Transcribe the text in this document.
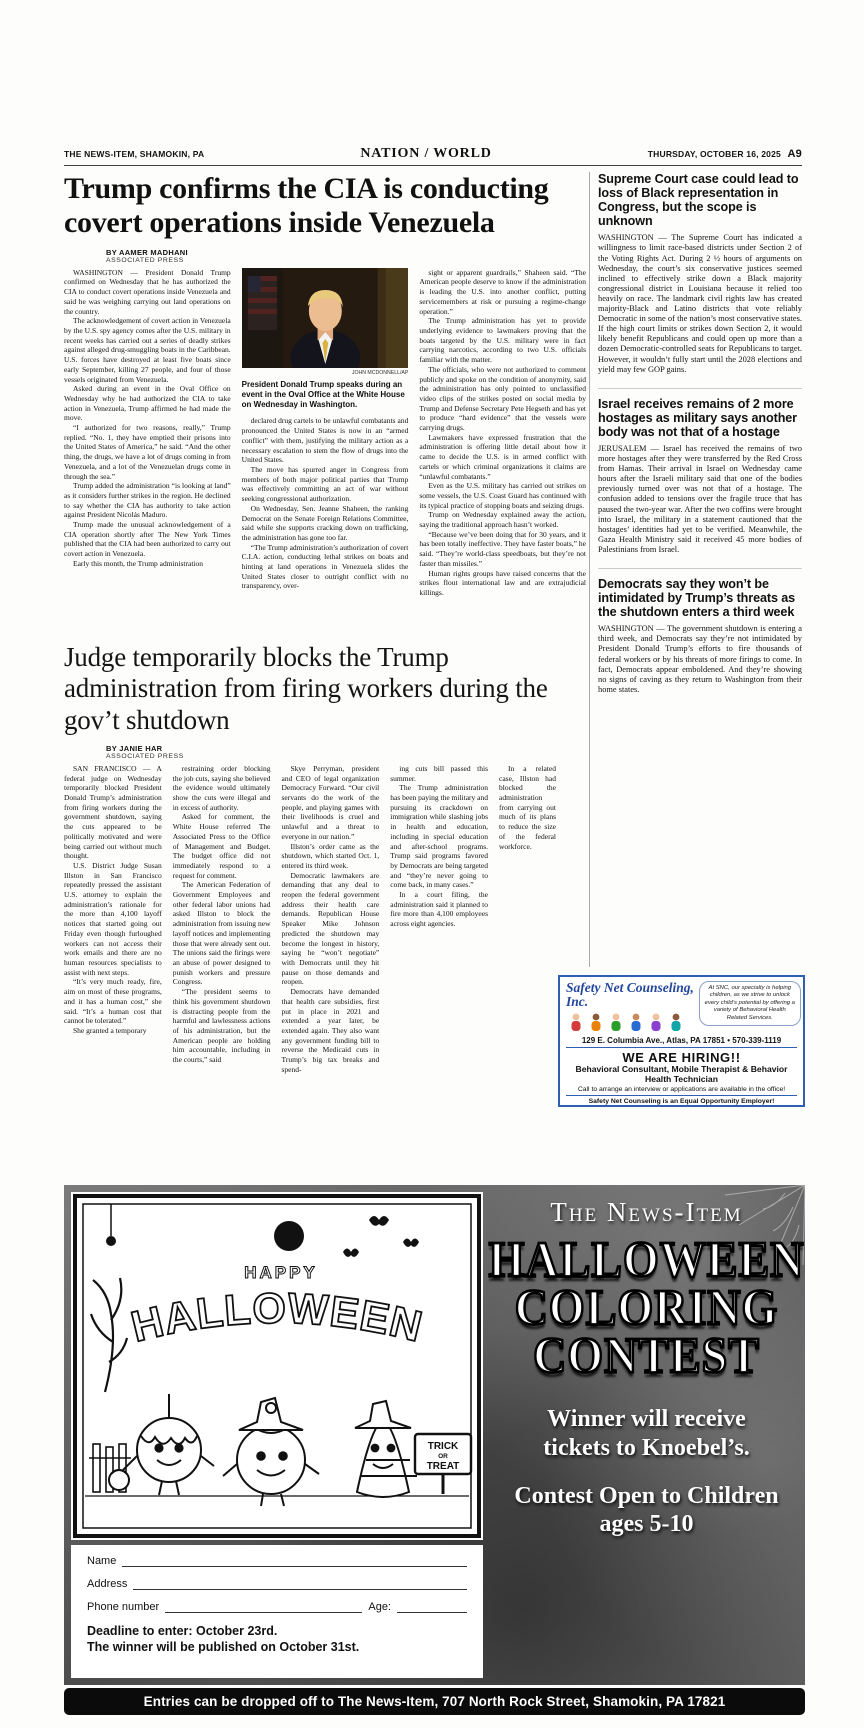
THE NEWS-ITEM, SHAMOKIN, PA	NATION / WORLD	THURSDAY, OCTOBER 16, 2025 A9
Trump confirms the CIA is conducting covert operations inside Venezuela
BY AAMER MADHANI
ASSOCIATED PRESS

WASHINGTON — President Donald Trump confirmed on Wednesday that he has authorized the CIA to conduct covert operations inside Venezuela and said he was weighing carrying out land operations on the country.

The acknowledgement of covert action in Venezuela by the U.S. spy agency comes after the U.S. military in recent weeks has carried out a series of deadly strikes against alleged drug-smuggling boats in the Caribbean. U.S. forces have destroyed at least five boats since early September, killing 27 people, and four of those vessels originated from Venezuela.

Asked during an event in the Oval Office on Wednesday why he had authorized the CIA to take action in Venezuela, Trump affirmed he had made the move.

“I authorized for two reasons, really,” Trump replied. “No. 1, they have emptied their prisons into the United States of America,” he said. “And the other thing, the drugs, we have a lot of drugs coming in from Venezuela, and a lot of the Venezuelan drugs come in through the sea.”

Trump added the administration “is looking at land” as it considers further strikes in the region. He declined to say whether the CIA has authority to take action against President Nicolás Maduro.

Trump made the unusual acknowledgement of a CIA operation shortly after The New York Times published that the CIA had been authorized to carry out covert action in Venezuela.

Early this month, the Trump administration

JOHN MCDONNELL/AP
President Donald Trump speaks during an event in the Oval Office at the White House on Wednesday in Washington.

declared drug cartels to be unlawful combatants and pronounced the United States is now in an “armed conflict” with them, justifying the military action as a necessary escalation to stem the flow of drugs into the United States.

The move has spurred anger in Congress from members of both major political parties that Trump was effectively committing an act of war without seeking congressional authorization.

On Wednesday, Sen. Jeanne Shaheen, the ranking Democrat on the Senate Foreign Relations Committee, said while she supports cracking down on trafficking, the administration has gone too far.

“The Trump administration’s authorization of covert C.I.A. action, conducting lethal strikes on boats and hinting at land operations in Venezuela slides the United States closer to outright conflict with no transparency, over-

sight or apparent guardrails,” Shaheen said. “The American people deserve to know if the administration is leading the U.S. into another conflict, putting servicemembers at risk or pursuing a regime-change operation.”

The Trump administration has yet to provide underlying evidence to lawmakers proving that the boats targeted by the U.S. military were in fact carrying narcotics, according to two U.S. officials familiar with the matter.

The officials, who were not authorized to comment publicly and spoke on the condition of anonymity, said the administration has only pointed to unclassified video clips of the strikes posted on social media by Trump and Defense Secretary Pete Hegseth and has yet to produce “hard evidence” that the vessels were carrying drugs.

Lawmakers have expressed frustration that the administration is offering little detail about how it came to decide the U.S. is in armed conflict with cartels or which criminal organizations it claims are “unlawful combatants.”

Even as the U.S. military has carried out strikes on some vessels, the U.S. Coast Guard has continued with its typical practice of stopping boats and seizing drugs.

Trump on Wednesday explained away the action, saying the traditional approach hasn’t worked.

“Because we’ve been doing that for 30 years, and it has been totally ineffective. They have faster boats,” he said. “They’re world-class speedboats, but they’re not faster than missiles.”

Human rights groups have raised concerns that the strikes flout international law and are extrajudicial killings.

Judge temporarily blocks the Trump administration from firing workers during the gov’t shutdown
BY JANIE HAR
ASSOCIATED PRESS

SAN FRANCISCO — A federal judge on Wednesday temporarily blocked President Donald Trump’s administration from firing workers during the government shutdown, saying the cuts appeared to be politically motivated and were being carried out without much thought.

U.S. District Judge Susan Illston in San Francisco repeatedly pressed the assistant U.S. attorney to explain the administration’s rationale for the more than 4,100 layoff notices that started going out Friday even though furloughed workers can not access their work emails and there are no human resources specialists to assist with next steps.

“It’s very much ready, fire, aim on most of these programs, and it has a human cost,” she said. “It’s a human cost that cannot be tolerated.”

She granted a temporary

restraining order blocking the job cuts, saying she believed the evidence would ultimately show the cuts were illegal and in excess of authority.

Asked for comment, the White House referred The Associated Press to the Office of Management and Budget. The budget office did not immediately respond to a request for comment.

The American Federation of Government Employees and other federal labor unions had asked Illston to block the administration from issuing new layoff notices and implementing those that were already sent out. The unions said the firings were an abuse of power designed to punish workers and pressure Congress.

“The president seems to think his government shutdown is distracting people from the harmful and lawlessness actions of his administration, but the American people are holding him accountable, including in the courts,” said

Skye Perryman, president and CEO of legal organization Democracy Forward. “Our civil servants do the work of the people, and playing games with their livelihoods is cruel and unlawful and a threat to everyone in our nation.”

Illston’s order came as the shutdown, which started Oct. 1, entered its third week.

Democratic lawmakers are demanding that any deal to reopen the federal government address their health care demands. Republican House Speaker Mike Johnson predicted the shutdown may become the longest in history, saying he “won’t negotiate” with Democrats until they hit pause on those demands and reopen.

Democrats have demanded that health care subsidies, first put in place in 2021 and extended a year later, be extended again. They also want any government funding bill to reverse the Medicaid cuts in Trump’s big tax breaks and spend-

ing cuts bill passed this summer.

The Trump administration has been paying the military and pursuing its crackdown on immigration while slashing jobs in health and education, including in special education and after-school programs. Trump said programs favored by Democrats are being targeted and “they’re never going to come back, in many cases.”

In a court filing, the administration said it planned to fire more than 4,100 employees across eight agencies.

In a related case, Illston had blocked the administration from carrying out much of its plans to reduce the size of the federal workforce.

Supreme Court case could lead to loss of Black representation in Congress, but the scope is unknown

WASHINGTON — The Supreme Court has indicated a willingness to limit race-based districts under Section 2 of the Voting Rights Act. During 2 ½ hours of arguments on Wednesday, the court’s six conservative justices seemed inclined to effectively strike down a Black majority congressional district in Louisiana because it relied too heavily on race. The landmark civil rights law has created majority-Black and Latino districts that vote reliably Democratic in some of the nation’s most conservative states. If the high court limits or strikes down Section 2, it would likely benefit Republicans and could open up more than a dozen Democratic-controlled seats for Republicans to target. However, it wouldn’t fully start until the 2028 elections and yield may few GOP gains.

Israel receives remains of 2 more hostages as military says another body was not that of a hostage

JERUSALEM — Israel has received the remains of two more hostages after they were transferred by the Red Cross from Hamas. Their arrival in Israel on Wednesday came hours after the Israeli military said that one of the bodies previously turned over was not that of a hostage. The confusion added to tensions over the fragile truce that has paused the two-year war. After the two coffins were brought into Israel, the military in a statement cautioned that the hostages’ identities had yet to be verified. Meanwhile, the Gaza Health Ministry said it received 45 more bodies of Palestinians from Israel.

Democrats say they won’t be intimidated by Trump’s threats as the shutdown enters a third week

WASHINGTON — The government shutdown is entering a third week, and Democrats say they’re not intimidated by President Donald Trump’s efforts to fire thousands of federal workers or by his threats of more firings to come. In fact, Democrats appear emboldened. And they’re showing no signs of caving as they return to Washington from their home states.

Safety Net Counseling, Inc.
At SNC, our specialty is helping children, as we strive to unlock every child’s potential by offering a variety of Behavioral Health Related Services.
129 E. Columbia Ave., Atlas, PA 17851 • 570-339-1119
WE ARE HIRING!!
Behavioral Consultant, Mobile Therapist & Behavior Health Technician
Call to arrange an interview or applications are available in the office!
Safety Net Counseling is an Equal Opportunity Employer!
HAPPY
HALLOWEEN
TRICK
OR
TREAT
Name
Address
Phone number	Age:
Deadline to enter: October 23rd.
The winner will be published on October 31st.
The News-Item
HALLOWEEN
COLORING
CONTEST
Winner will receive tickets to Knoebel’s.
Contest Open to Children ages 5-10
Entries can be dropped off to The News-Item, 707 North Rock Street, Shamokin, PA 17821
